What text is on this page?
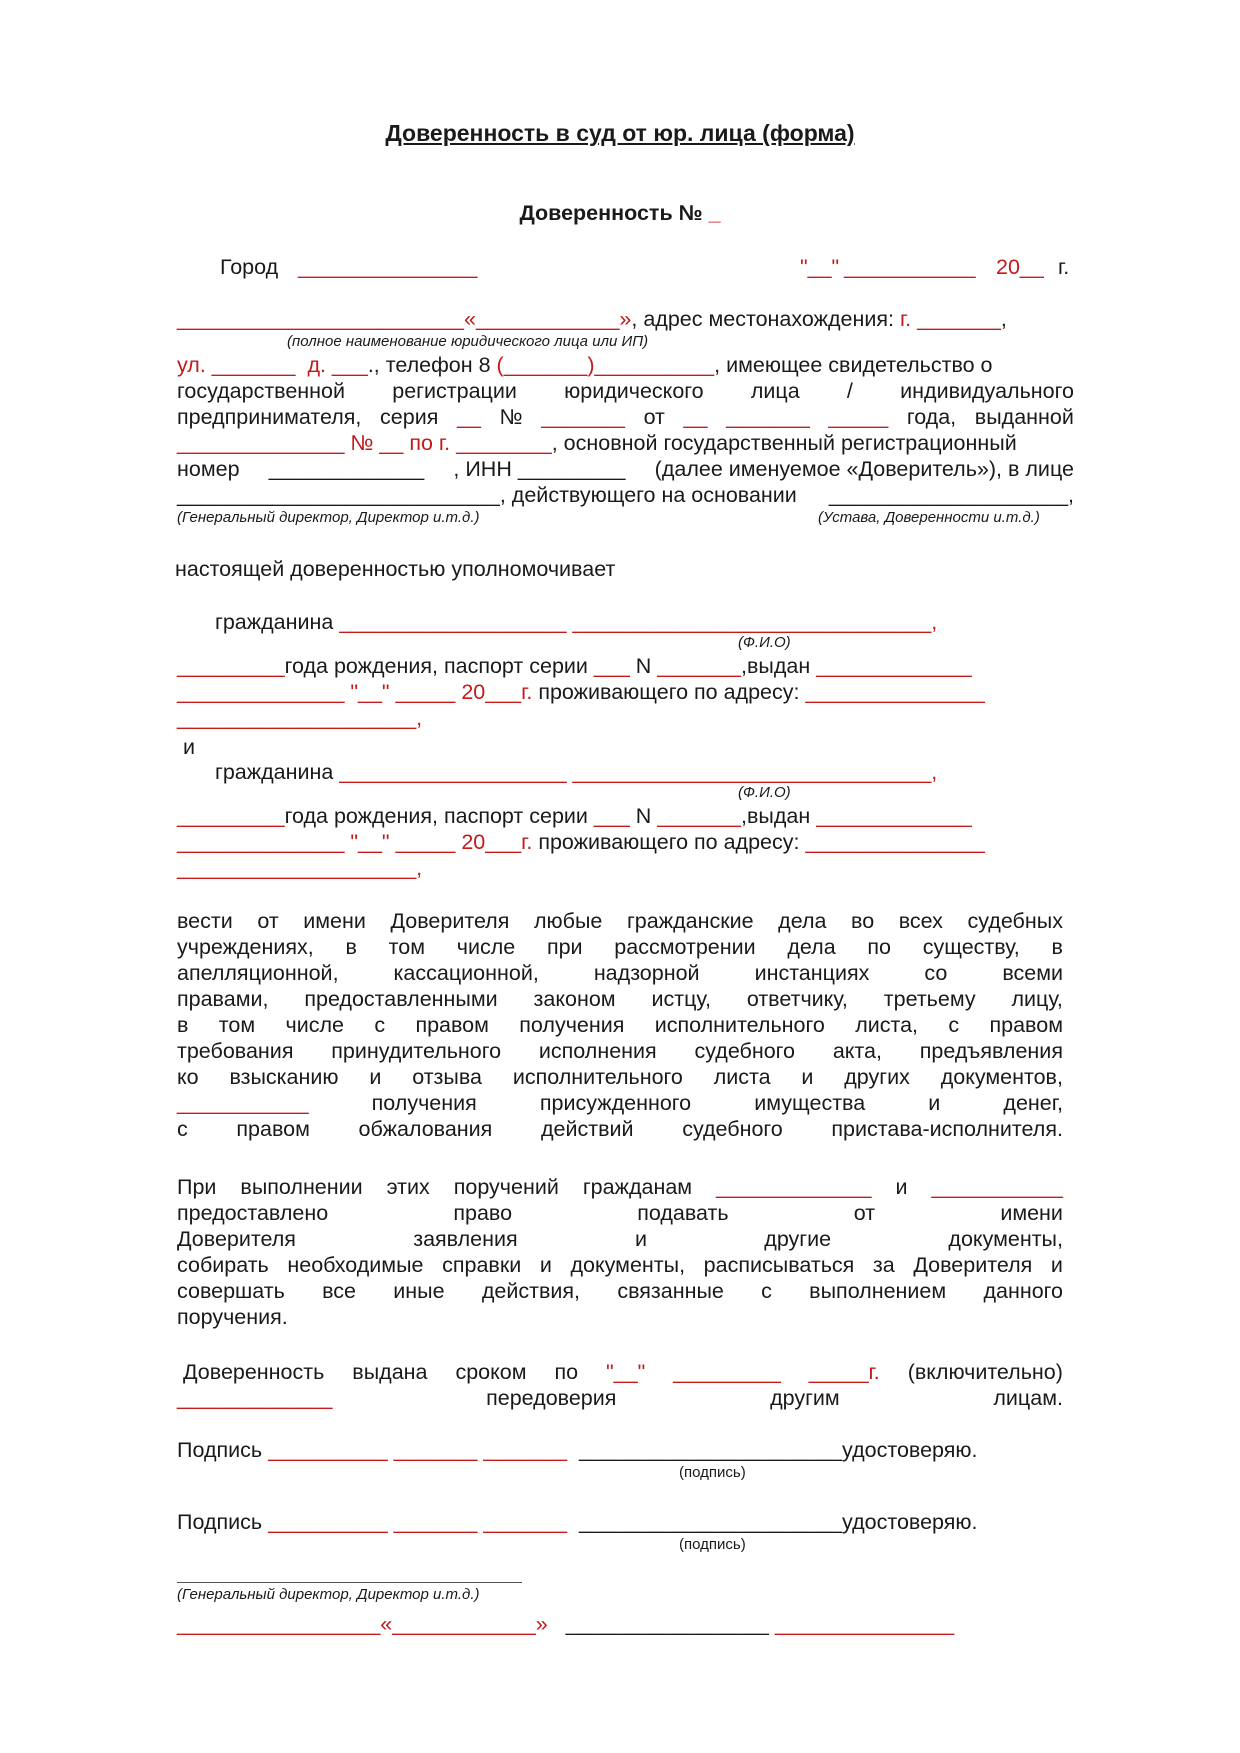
Доверенность в суд от юр. лица (форма)
Доверенность № _
Город _______________	"__" ___________ 20__ г.
________________________«____________», адрес местонахождения: г. _______,
(полное наименование юридического лица или ИП)
ул. _______ д. ___., телефон 8 (_______)__________, имеющее свидетельство о
государственной регистрации юридического лица / индивидуального
предпринимателя, серия __ № _______ от __ _______ _____ года, выданной
______________ № __ по г. ________, основной государственный регистрационный
номер _____________ , ИНН _________ (далее именуемое «Доверитель»), в лице
___________________________, действующего на основании ____________________,
(Генеральный директор, Директор и.т.д.)	(Устава, Доверенности и.т.д.)
настоящей доверенностью уполномочивает
гражданина ___________________ ______________________________,
(Ф.И.О)
_________года рождения, паспорт серии ___ N _______,выдан _____________
______________ "__" _____ 20___г. проживающего по адресу: _______________
____________________,
и
гражданина ___________________ ______________________________,
(Ф.И.О)
_________года рождения, паспорт серии ___ N _______,выдан _____________
______________ "__" _____ 20___г. проживающего по адресу: _______________
____________________,
вести от имени Доверителя любые гражданские дела во всех судебных
учреждениях, в том числе при рассмотрении дела по существу, в
апелляционной,	кассационной,	надзорной	инстанциях	со	всеми
правами, предоставленными законом истцу, ответчику, третьему лицу,
в том числе с правом получения исполнительного листа, с правом
требования принудительного исполнения судебного акта, предъявления
ко взысканию и отзыва исполнительного листа и других документов,
___________	получения	присужденного	имущества	и	денег,
с правом обжалования действий судебного пристава-исполнителя.
При выполнении этих поручений гражданам _____________ и ___________
предоставлено	право	подавать	от	имени
Доверителя	заявления	и	другие	документы,
собирать необходимые справки и документы, расписываться за Доверителя и
совершать все иные действия, связанные с выполнением данного
поручения.
Доверенность выдана сроком по "__" _________ _____г. (включительно)
_____________	передоверия	другим	лицам.
Подпись __________ _______ _______ ______________________удостоверяю.
(подпись)
Подпись __________ _______ _______ ______________________удостоверяю.
(подпись)
(Генеральный директор, Директор и.т.д.)
_________________«____________» _________________ _______________
